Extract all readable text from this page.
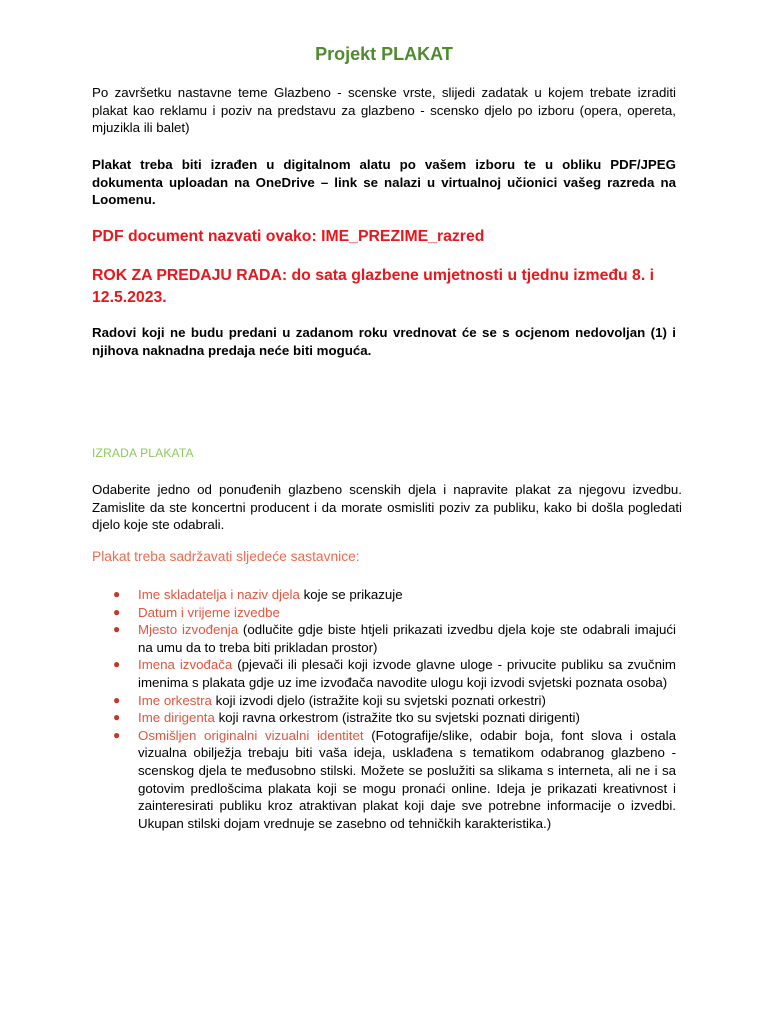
Projekt PLAKAT
Po završetku nastavne teme Glazbeno - scenske vrste, slijedi zadatak u kojem trebate izraditi plakat kao reklamu i poziv na predstavu za glazbeno - scensko djelo po izboru (opera, opereta, mjuzikla ili balet)
Plakat treba biti izrađen u digitalnom alatu po vašem izboru te u obliku PDF/JPEG dokumenta uploadan na OneDrive – link se nalazi u virtualnoj učionici vašeg razreda na Loomenu.
PDF document nazvati ovako: IME_PREZIME_razred
ROK ZA PREDAJU RADA: do sata glazbene umjetnosti u tjednu između 8. i 12.5.2023.
Radovi koji ne budu predani u zadanom roku vrednovat će se s ocjenom nedovoljan (1) i njihova naknadna predaja neće biti moguća.
IZRADA PLAKATA
Odaberite jedno od ponuđenih glazbeno scenskih djela i napravite plakat za njegovu izvedbu. Zamislite da ste koncertni producent i da morate osmisliti poziv za publiku, kako bi došla pogledati djelo koje ste odabrali.
Plakat treba sadržavati sljedeće sastavnice:
● Ime skladatelja i naziv djela koje se prikazuje
● Datum i vrijeme izvedbe
● Mjesto izvođenja (odlučite gdje biste htjeli prikazati izvedbu djela koje ste odabrali imajući na umu da to treba biti prikladan prostor)
● Imena izvođača (pjevači ili plesači koji izvode glavne uloge - privucite publiku sa zvučnim imenima s plakata gdje uz ime izvođača navodite ulogu koji izvodi svjetski poznata osoba)
● Ime orkestra koji izvodi djelo (istražite koji su svjetski poznati orkestri)
● Ime dirigenta koji ravna orkestrom (istražite tko su svjetski poznati dirigenti)
● Osmišljen originalni vizualni identitet (Fotografije/slike, odabir boja, font slova i ostala vizualna obilježja trebaju biti vaša ideja, usklađena s tematikom odabranog glazbeno - scenskog djela te međusobno stilski. Možete se poslužiti sa slikama s interneta, ali ne i sa gotovim predlošcima plakata koji se mogu pronaći online. Ideja je prikazati kreativnost i zainteresirati publiku kroz atraktivan plakat koji daje sve potrebne informacije o izvedbi. Ukupan stilski dojam vrednuje se zasebno od tehničkih karakteristika.)
